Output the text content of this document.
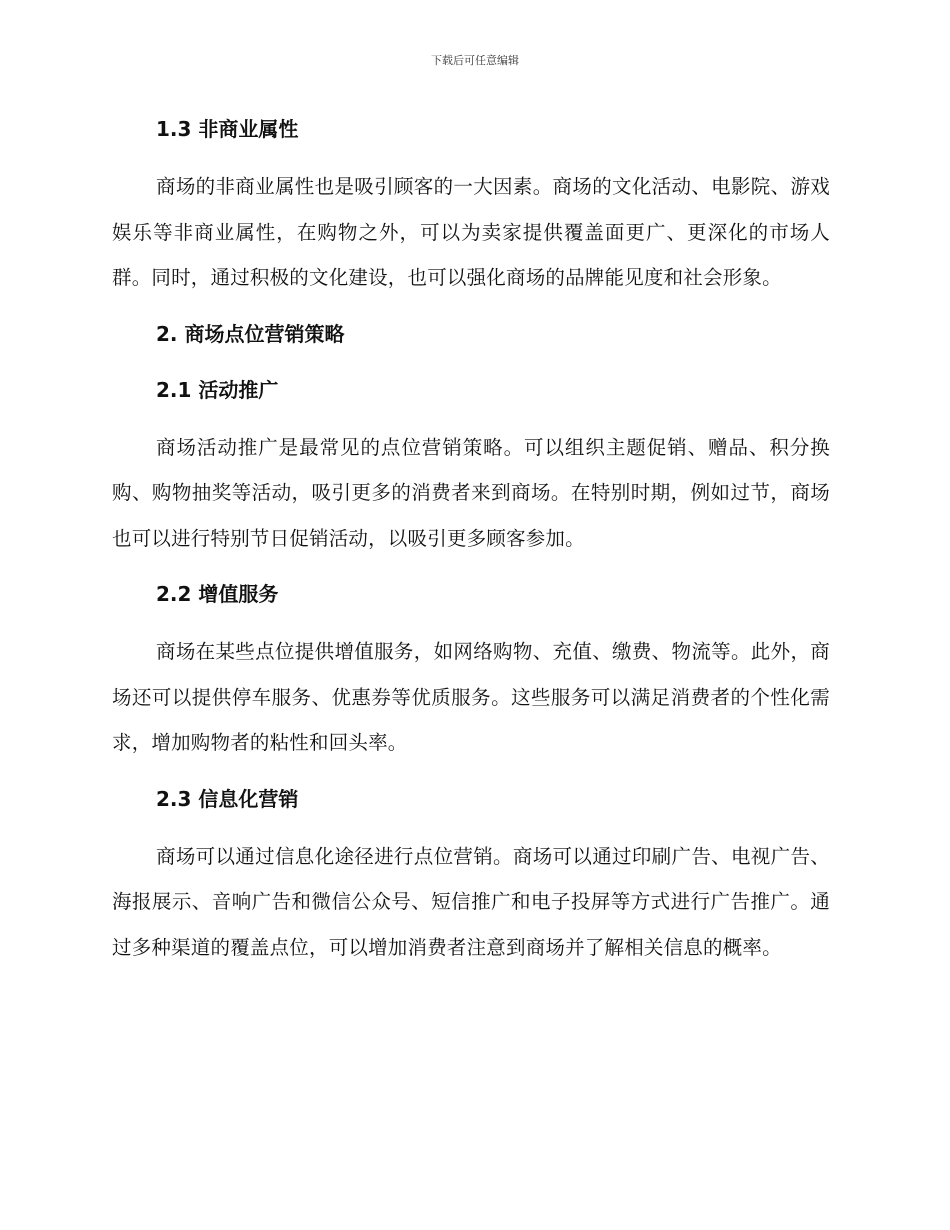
下载后可任意编辑
1.3 非商业属性

商场的非商业属性也是吸引顾客的一大因素。商场的文化活动、电影院、游戏娱乐等非商业属性，在购物之外，可以为卖家提供覆盖面更广、更深化的市场人群。同时，通过积极的文化建设，也可以强化商场的品牌能见度和社会形象。

2. 商场点位营销策略
2.1 活动推广

商场活动推广是最常见的点位营销策略。可以组织主题促销、赠品、积分换购、购物抽奖等活动，吸引更多的消费者来到商场。在特别时期，例如过节，商场也可以进行特别节日促销活动，以吸引更多顾客参加。

2.2 增值服务

商场在某些点位提供增值服务，如网络购物、充值、缴费、物流等。此外，商场还可以提供停车服务、优惠券等优质服务。这些服务可以满足消费者的个性化需求，增加购物者的粘性和回头率。

2.3 信息化营销

商场可以通过信息化途径进行点位营销。商场可以通过印刷广告、电视广告、海报展示、音响广告和微信公众号、短信推广和电子投屏等方式进行广告推广。通过多种渠道的覆盖点位，可以增加消费者注意到商场并了解相关信息的概率。
